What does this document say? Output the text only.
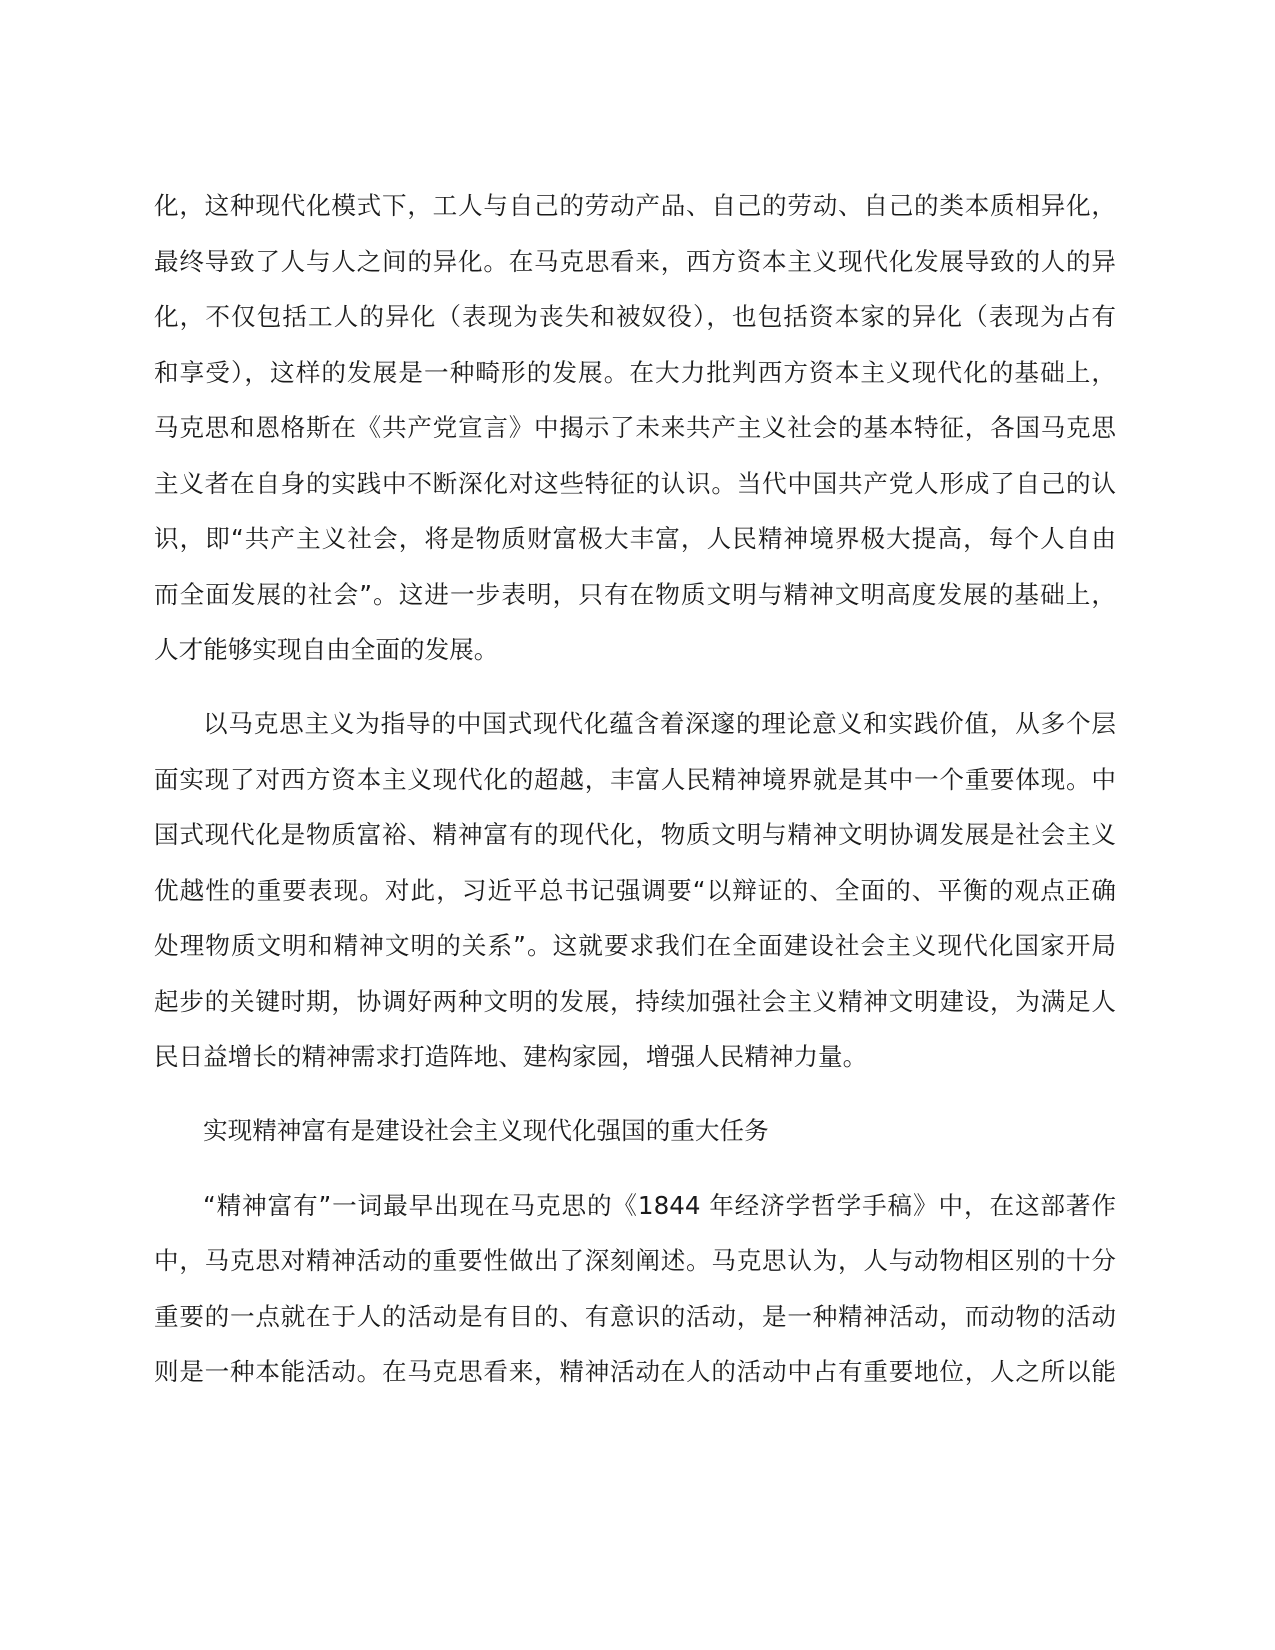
化，这种现代化模式下，工人与自己的劳动产品、自己的劳动、自己的类本质相异化，
最终导致了人与人之间的异化。在马克思看来，西方资本主义现代化发展导致的人的异
化，不仅包括工人的异化（表现为丧失和被奴役），也包括资本家的异化（表现为占有
和享受），这样的发展是一种畸形的发展。在大力批判西方资本主义现代化的基础上，
马克思和恩格斯在《共产党宣言》中揭示了未来共产主义社会的基本特征，各国马克思
主义者在自身的实践中不断深化对这些特征的认识。当代中国共产党人形成了自己的认
识，即“共产主义社会，将是物质财富极大丰富，人民精神境界极大提高，每个人自由
而全面发展的社会”。这进一步表明，只有在物质文明与精神文明高度发展的基础上，
人才能够实现自由全面的发展。
以马克思主义为指导的中国式现代化蕴含着深邃的理论意义和实践价值，从多个层
面实现了对西方资本主义现代化的超越，丰富人民精神境界就是其中一个重要体现。中
国式现代化是物质富裕、精神富有的现代化，物质文明与精神文明协调发展是社会主义
优越性的重要表现。对此，习近平总书记强调要“以辩证的、全面的、平衡的观点正确
处理物质文明和精神文明的关系”。这就要求我们在全面建设社会主义现代化国家开局
起步的关键时期，协调好两种文明的发展，持续加强社会主义精神文明建设，为满足人
民日益增长的精神需求打造阵地、建构家园，增强人民精神力量。
实现精神富有是建设社会主义现代化强国的重大任务
“精神富有”一词最早出现在马克思的《1844 年经济学哲学手稿》中，在这部著作
中，马克思对精神活动的重要性做出了深刻阐述。马克思认为，人与动物相区别的十分
重要的一点就在于人的活动是有目的、有意识的活动，是一种精神活动，而动物的活动
则是一种本能活动。在马克思看来，精神活动在人的活动中占有重要地位，人之所以能
